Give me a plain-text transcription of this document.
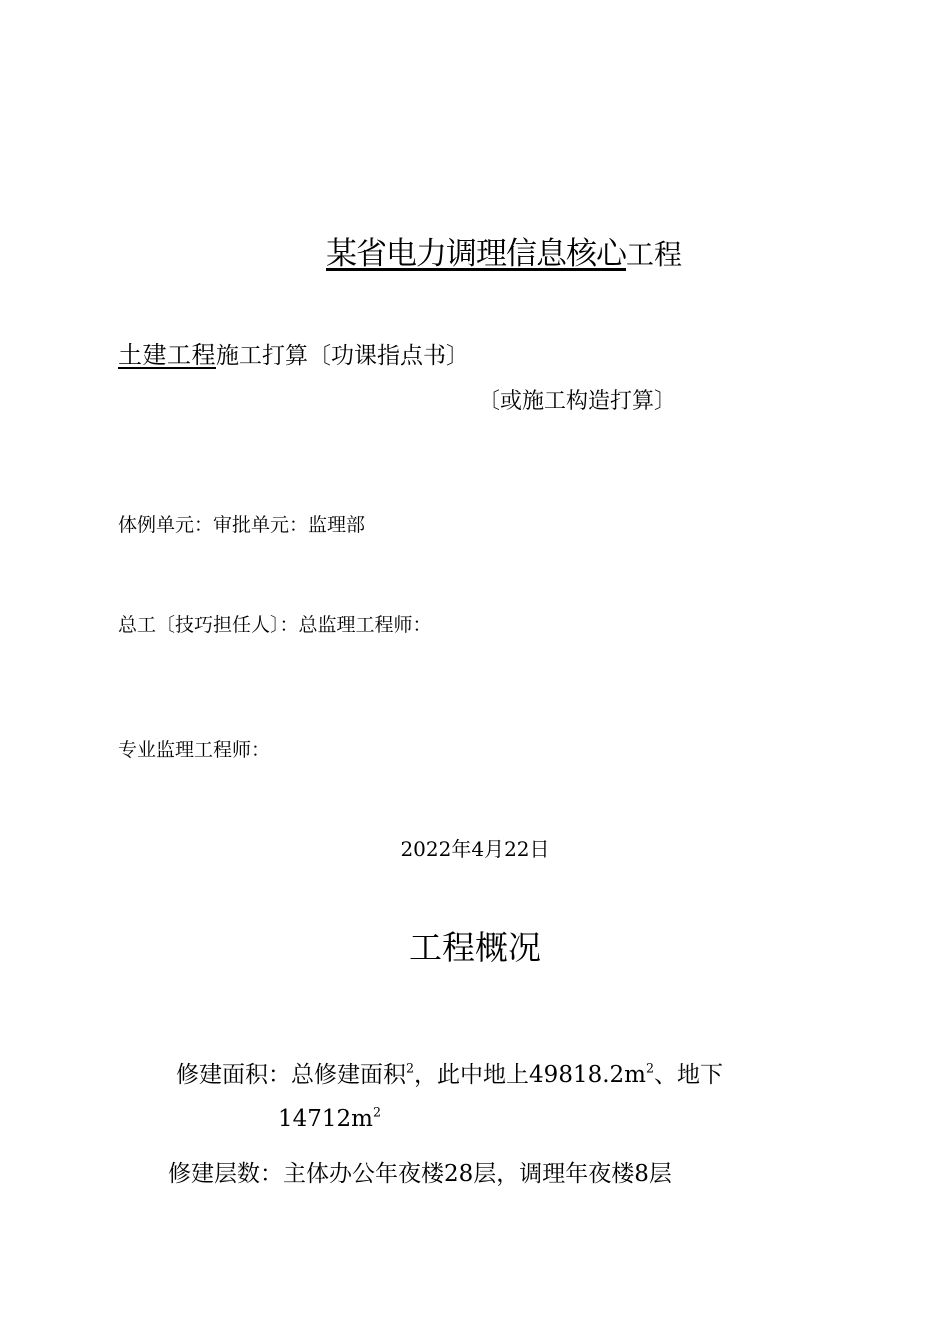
某省电力调理信息核心工程
土建工程施工打算〔功课指点书〕
〔或施工构造打算〕
体例单元：审批单元：监理部
总工〔技巧担任人〕：总监理工程师：
专业监理工程师：
2022年4月22日
工程概况
修建面积：总修建面积$^2$，此中地上$49818.2m^2$、地下
$14712m^2$
修建层数：主体办公年夜楼28层，调理年夜楼8层
